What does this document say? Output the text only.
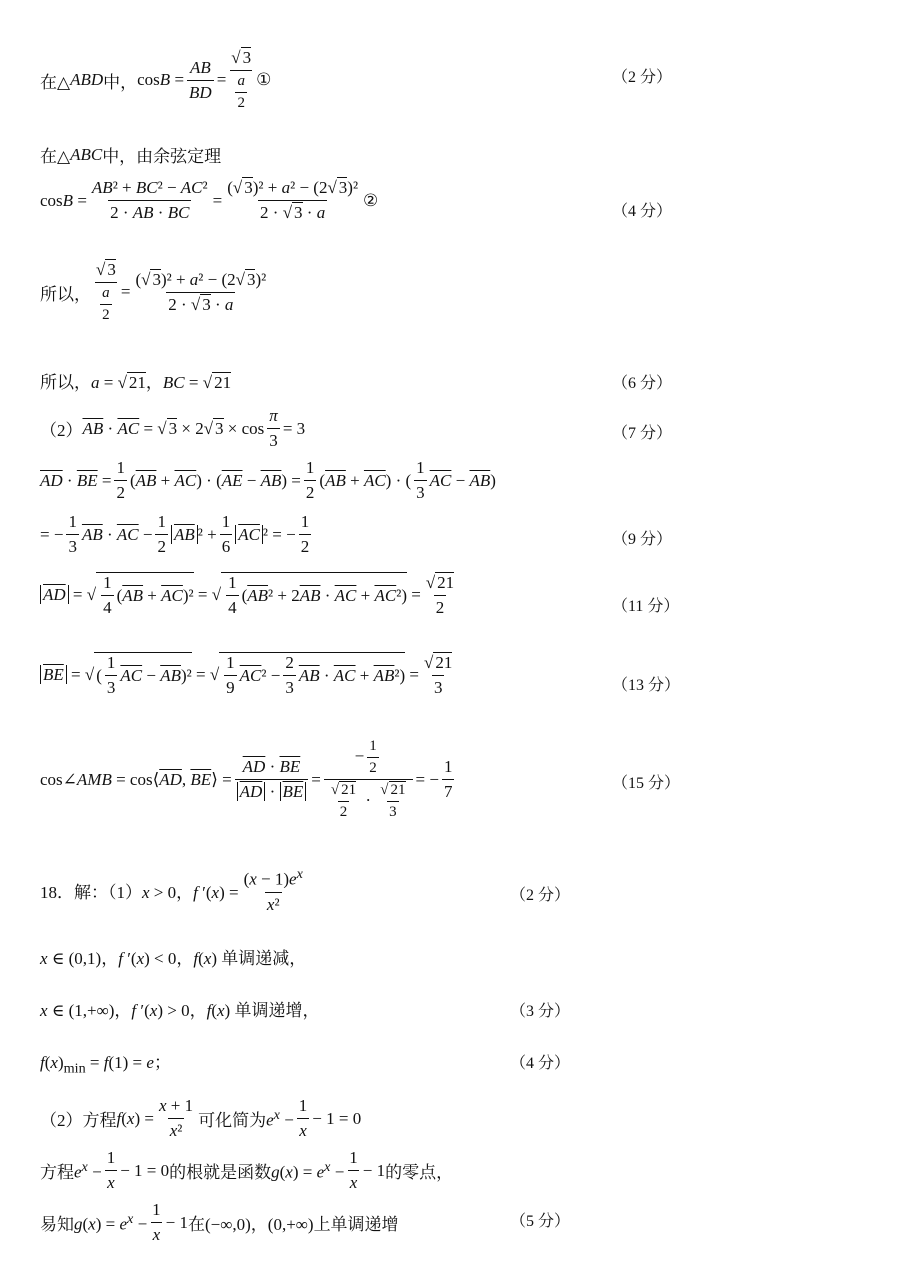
在△ ABD 中， $\cos B = \frac{AB}{BD} = \frac{√ 3}{\frac{a}{2}}$ ①	（2 分）
在△ ABC 中，由余弦定理
$\cos B = \frac{\text{AB² + BC² − AC²}}{2 \cdot AB \cdot BC} = \frac{\text{(√ 3)² + a² − (2√ 3)²}}{2 \cdot √ 3 \cdot a}$ ②
（4 分）
所以， $\frac{√ 3}{\frac{a}{2}} = \frac{\text{(√ 3)² + a² − (2√ 3)²}}{2 \cdot √ 3 \cdot a}$
所以， a = √ 21，BC = √ 21	（6 分）
（2） $\overline{AB} \cdot \overline{AC}$ = √ 3 × 2√ $3 \times \cos \frac{\pi}{3} = 3$	（7 分）
$\overline{AD} \cdot \overline{BE} = \frac{1}{2} (\overline{AB} + \overline{AC}) \cdot (\overline{AE} - \overline{AB}) = \frac{1}{2} (\overline{AB} + \overline{AC})$ · ( $\frac{1}{3} \overline{AC} - \overline{AB}$)
= − $\frac{1}{3} \overline{AB} \cdot \overline{AC} - \frac{1}{2} \overline{AB}$ $^2 + \frac{1}{6} \overline{AC}$ ² = − $\frac{1}{2}$	（9 分）
$\overline{AD}$ = √ $\frac{1}{4} (\overline{AB} + \overline{AC})^2$ = √ $\frac{1}{4} (\overline{AB}^2 + 2\overline{AB} \cdot \overline{AC} + \overline{AC}^2) = \frac{√ 21}{2}$	（11 分）
$\overline{BE}$ = √ ( $\frac{1}{3} \overline{AC} - \overline{AB})^2$ = √ $\frac{1}{9} \overline{AC}^2 - \frac{2}{3} \overline{AB} \cdot \overline{AC} + \overline{AB}^2) = \frac{√ 21}{3}$	（13 分）
cos∠AMB = $\cos⟨\overline{AD}$, $\overline{BE}⟩ = \frac{\overline{AD} \cdot \overline{BE}}{\overline{AD} \cdot \overline{BE}} = \frac{- \frac{1}{2}}{\frac{√ 21}{2} \cdot \frac{√ 21}{3}}$ = − $\frac{1}{7}$	（15 分）
18．解：（1） x > 0，f $'(x) = \frac{(x - 1)e^x}{\text{x²}}$	（2 分）
x ∈ (0,1)，f ′(x) < 0，f(x) 单调递减，
x ∈ (1,+∞)，f ′(x) > 0，f(x) 单调递增，	（3 分）
$f(x)_{min} = f(1) = e$；	（4 分）
（2）方程 $f(x) = \frac{x + 1}{\text{x²}}$ 可化简为 $e^x - \frac{1}{x} - 1 = 0$
方程 $e^x - \frac{1}{x} - 1 = 0$ 的根就是函数 $g(x) = e^x - \frac{1}{x} - 1$ 的零点，
易知 $g(x) = e^x - \frac{1}{x} - 1$ 在 (−∞,0)，(0,+∞) 上单调递增	（5 分）
